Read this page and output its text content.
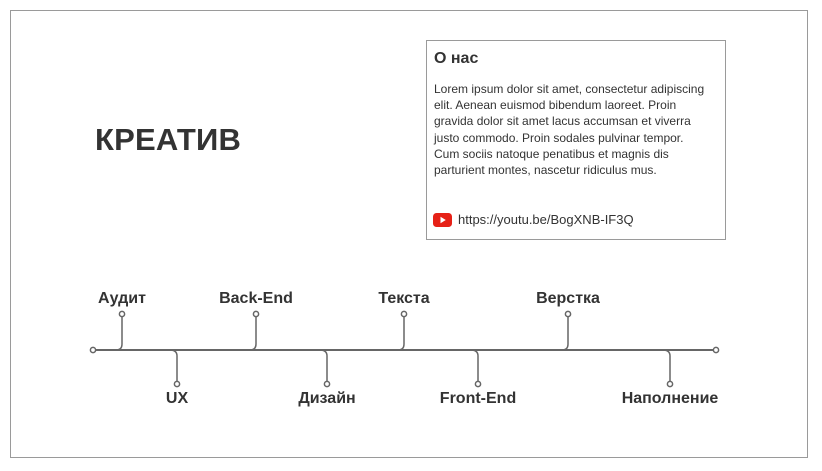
КРЕАТИВ
О нас
Lorem ipsum dolor sit amet, consectetur adipiscing elit. Aenean euismod bibendum laoreet. Proin gravida dolor sit amet lacus accumsan et viverra justo commodo. Proin sodales pulvinar tempor. Cum sociis natoque penatibus et magnis dis parturient montes, nascetur ridiculus mus.
https://youtu.be/BogXNB-IF3Q
Аудит	Back-End	Текста	Верстка
UX	Дизайн	Front-End	Наполнение
